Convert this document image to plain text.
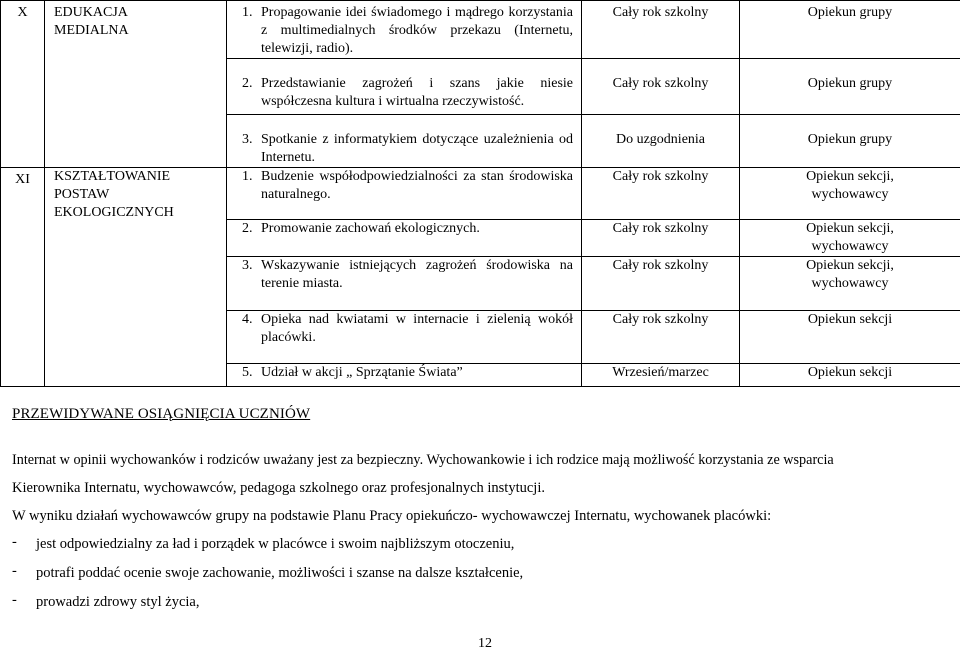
X	EDUKACJA MEDIALNA	1. Propagowanie idei świadomego i mądrego korzystania z multimedialnych środków przekazu (Internetu, telewizji, radio).	Cały rok szkolny	Opiekun grupy

		2. Przedstawianie zagrożeń i szans jakie niesie współczesna kultura i wirtualna rzeczywistość.	Cały rok szkolny	Opiekun grupy

		3. Spotkanie z informatykiem dotyczące uzależnienia od Internetu.	Do uzgodnienia	Opiekun grupy
XI	KSZTAŁTOWANIE POSTAW EKOLOGICZNYCH	1. Budzenie współodpowiedzialności za stan środowiska naturalnego.	Cały rok szkolny	Opiekun sekcji, wychowawcy

		2. Promowanie zachowań ekologicznych.	Cały rok szkolny	Opiekun sekcji, wychowawcy

		3. Wskazywanie istniejących zagrożeń środowiska na terenie miasta.	Cały rok szkolny	Opiekun sekcji, wychowawcy

		4. Opieka nad kwiatami w internacie i zielenią wokół placówki.	Cały rok szkolny	Opiekun sekcji

		5. Udział w akcji „ Sprzątanie Świata”	Wrzesień/marzec	Opiekun sekcji
PRZEWIDYWANE OSIĄGNIĘCIA UCZNIÓW
Internat w opinii wychowanków i rodziców uważany jest za bezpieczny. Wychowankowie i ich rodzice mają możliwość korzystania ze wsparcia
Kierownika Internatu, wychowawców, pedagoga szkolnego oraz profesjonalnych instytucji.
W wyniku działań wychowawców grupy na podstawie Planu Pracy opiekuńczo- wychowawczej Internatu, wychowanek placówki:
- jest odpowiedzialny za ład i porządek w placówce i swoim najbliższym otoczeniu,
- potrafi poddać ocenie swoje zachowanie, możliwości i szanse na dalsze kształcenie,
- prowadzi zdrowy styl życia,
12
